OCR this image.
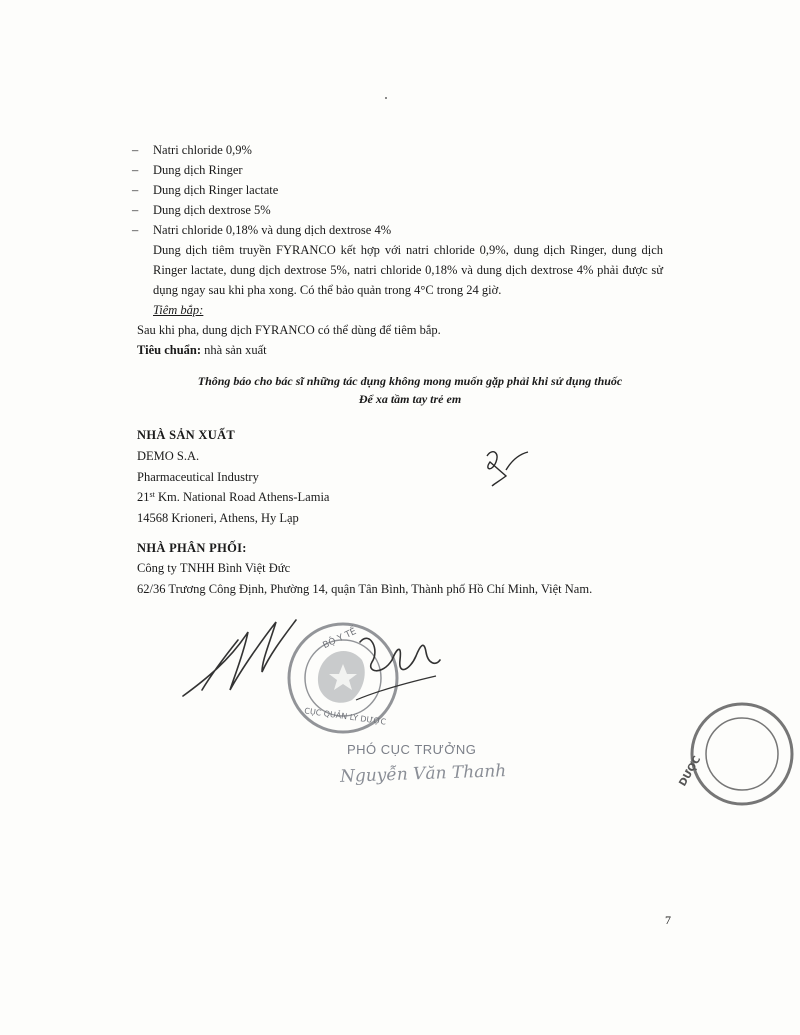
– Natri chloride 0,9%
– Dung dịch Ringer
– Dung dịch Ringer lactate
– Dung dịch dextrose 5%
– Natri chloride 0,18% và dung dịch dextrose 4%
Dung dịch tiêm truyền FYRANCO kết hợp với natri chloride 0,9%, dung dịch Ringer, dung dịch Ringer lactate, dung dịch dextrose 5%, natri chloride 0,18% và dung dịch dextrose 4% phải được sử dụng ngay sau khi pha xong. Có thể bảo quản trong 4°C trong 24 giờ.
Tiêm bắp:
Sau khi pha, dung dịch FYRANCO có thể dùng để tiêm bắp.
Tiêu chuẩn: nhà sản xuất
Thông báo cho bác sĩ những tác dụng không mong muốn gặp phải khi sử dụng thuốc
Để xa tầm tay trẻ em
NHÀ SẢN XUẤT
DEMO S.A.
Pharmaceutical Industry
21st Km. National Road Athens-Lamia
14568 Krioneri, Athens, Hy Lạp
NHÀ PHÂN PHỐI:
Công ty TNHH Bình Việt Đức
62/36 Trương Công Định, Phường 14, quận Tân Bình, Thành phố Hồ Chí Minh, Việt Nam.
BỘ Y TẾ
CỤC QUẢN LÝ DƯỢC
DƯỢC
PHÓ CỤC TRƯỞNG
Nguyễn Văn Thanh
7
